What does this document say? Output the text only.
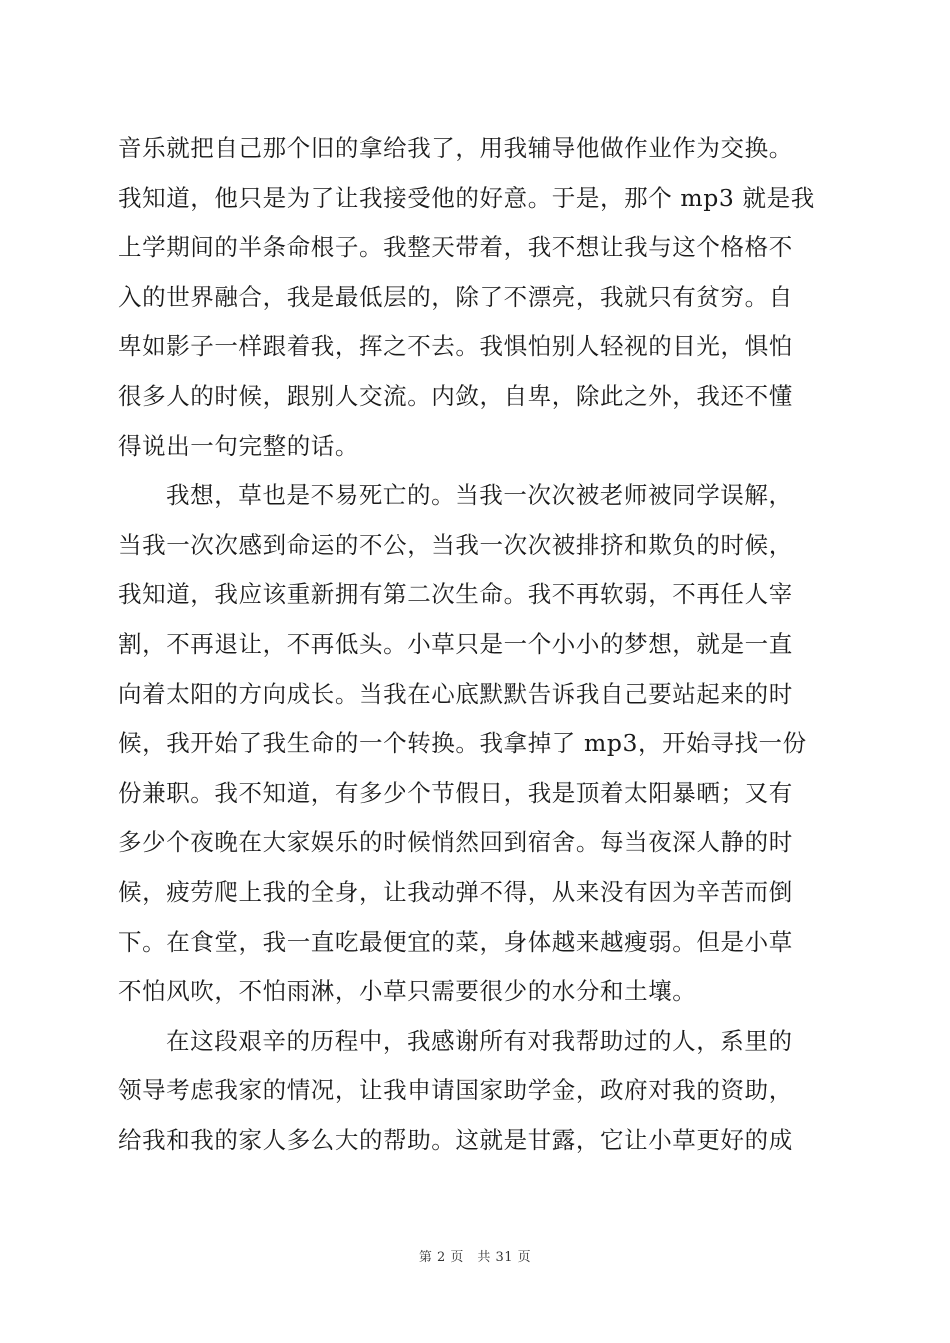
音乐就把自己那个旧的拿给我了，用我辅导他做作业作为交换。
我知道，他只是为了让我接受他的好意。于是，那个 mp3 就是我
上学期间的半条命根子。我整天带着，我不想让我与这个格格不
入的世界融合，我是最低层的，除了不漂亮，我就只有贫穷。自
卑如影子一样跟着我，挥之不去。我惧怕别人轻视的目光，惧怕
很多人的时候，跟别人交流。内敛，自卑，除此之外，我还不懂
得说出一句完整的话。
我想，草也是不易死亡的。当我一次次被老师被同学误解，
当我一次次感到命运的不公，当我一次次被排挤和欺负的时候，
我知道，我应该重新拥有第二次生命。我不再软弱，不再任人宰
割，不再退让，不再低头。小草只是一个小小的梦想，就是一直
向着太阳的方向成长。当我在心底默默告诉我自己要站起来的时
候，我开始了我生命的一个转换。我拿掉了 mp3，开始寻找一份
份兼职。我不知道，有多少个节假日，我是顶着太阳暴晒；又有
多少个夜晚在大家娱乐的时候悄然回到宿舍。每当夜深人静的时
候，疲劳爬上我的全身，让我动弹不得，从来没有因为辛苦而倒
下。在食堂，我一直吃最便宜的菜，身体越来越瘦弱。但是小草
不怕风吹，不怕雨淋，小草只需要很少的水分和土壤。
在这段艰辛的历程中，我感谢所有对我帮助过的人，系里的
领导考虑我家的情况，让我申请国家助学金，政府对我的资助，
给我和我的家人多么大的帮助。这就是甘露，它让小草更好的成
第 2 页　共 31 页
